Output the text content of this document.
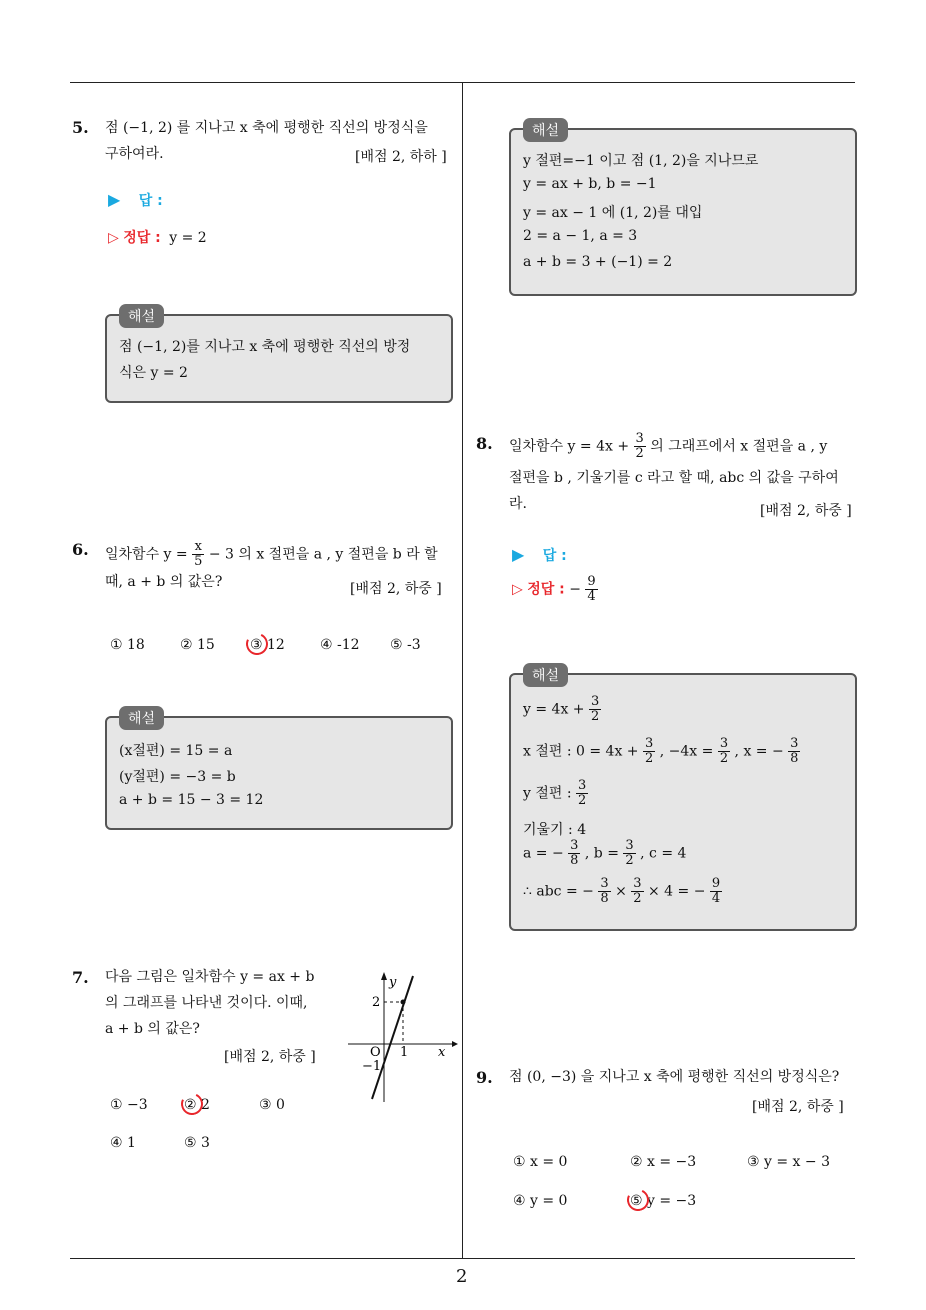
2
5. 점 (−1, 2) 를 지나고 x 축에 평행한 직선의 방정식을
구하여라.	[배점 2, 하하 ]
▶ 답 :
▷ 정답 : y = 2
해설
점 (−1, 2)를 지나고 x 축에 평행한 직선의 방정
식은 y = 2
6. 일차함수 $y = \frac{x}{5} - 3$ 의 x 절편을 a , y 절편을 b 라 할
때, a + b 의 값은?	[배점 2, 하중 ]
① 18	② 15	③ 12	④ -12 ⑤ -3
해설
(x절편) = 15 = a
(y절편) = −3 = b
a + b = 15 − 3 = 12
7. 다음 그림은 일차함수 y = ax + b
의 그래프를 나타낸 것이다. 이때,
a + b 의 값은?
[배점 2, 하중 ]
y
x
O
2
1
−1
① −3	② 2	③ 0
④ 1	⑤ 3
해설
y 절편=−1 이고 점 (1, 2)을 지나므로
y = ax + b, b = −1
y = ax − 1 에 (1, 2)를 대입
2 = a − 1, a = 3
a + b = 3 + (−1) = 2
8. 일차함수 $y = 4x + \frac{3}{2}$ 의 그래프에서 x 절편을 a , y
절편을 b , 기울기를 c 라고 할 때, abc 의 값을 구하여
라.	[배점 2, 하중 ]
▶ 답 :
▷ 정답 : − $\frac{9}{4}$
해설
$y = 4x + \frac{3}{2}$
x 절편 : $0 = 4x + \frac{3}{2}$ , $-4x = \frac{3}{2}$ , x = − $\frac{3}{8}$
y 절편 : $\frac{3}{2}$
기울기 : 4
a = − $\frac{3}{8}$ , $b = \frac{3}{2}$ , c = 4
∴ abc = − $\frac{3}{8} \times \frac{3}{2} \times 4$ = − $\frac{9}{4}$
9. 점 (0, −3) 을 지나고 x 축에 평행한 직선의 방정식은?
[배점 2, 하중 ]
① x = 0	② x = −3	③ y = x − 3
④ y = 0	⑤ y = −3
